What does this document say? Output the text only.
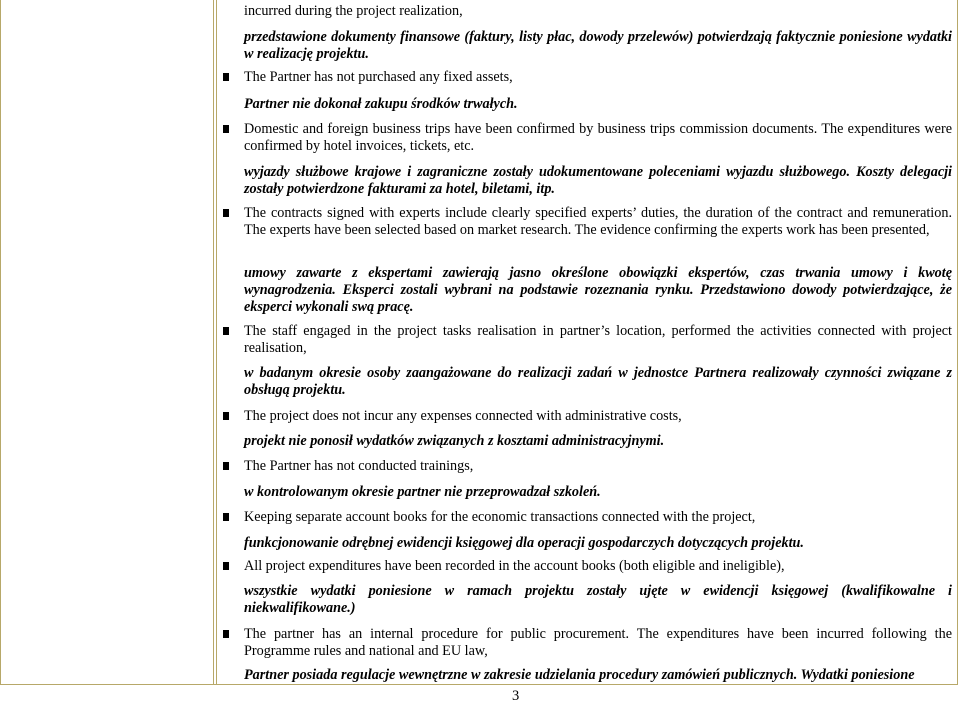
incurred during the project realization,
przedstawione dokumenty finansowe (faktury, listy płac, dowody przelewów) potwierdzają faktycznie poniesione wydatki w realizację projektu.
The Partner has not purchased any fixed assets,
Partner nie dokonał zakupu środków trwałych.
Domestic and foreign business trips have been confirmed by business trips commission documents. The expenditures were confirmed by hotel invoices, tickets, etc.
wyjazdy służbowe krajowe i zagraniczne zostały udokumentowane poleceniami wyjazdu służbowego. Koszty delegacji zostały potwierdzone fakturami za hotel, biletami, itp.
The contracts signed with experts include clearly specified experts’ duties, the duration of the contract and remuneration. The experts have been selected based on market research. The evidence confirming the experts work has been presented,
umowy zawarte z ekspertami zawierają jasno określone obowiązki ekspertów, czas trwania umowy i kwotę wynagrodzenia. Eksperci zostali wybrani na podstawie rozeznania rynku. Przedstawiono dowody potwierdzające, że eksperci wykonali swą pracę.
The staff engaged in the project tasks realisation in partner’s location, performed the activities connected with project realisation,
w badanym okresie osoby zaangażowane do realizacji zadań w jednostce Partnera realizowały czynności związane z obsługą projektu.
The project does not incur any expenses connected with administrative costs,
projekt nie ponosił wydatków związanych z kosztami administracyjnymi.
The Partner has not conducted trainings,
w kontrolowanym okresie partner nie przeprowadzał szkoleń.
Keeping separate account books for the economic transactions connected with the project,
funkcjonowanie odrębnej ewidencji księgowej dla operacji gospodarczych dotyczących projektu.
All project expenditures have been recorded in the account books (both eligible and ineligible),
wszystkie wydatki poniesione w ramach projektu zostały ujęte w ewidencji księgowej (kwalifikowalne i niekwalifikowane.)
The partner has an internal procedure for public procurement. The expenditures have been incurred following the Programme rules and national and EU law,
Partner posiada regulacje wewnętrzne w zakresie udzielania procedury zamówień publicznych. Wydatki poniesione
3
